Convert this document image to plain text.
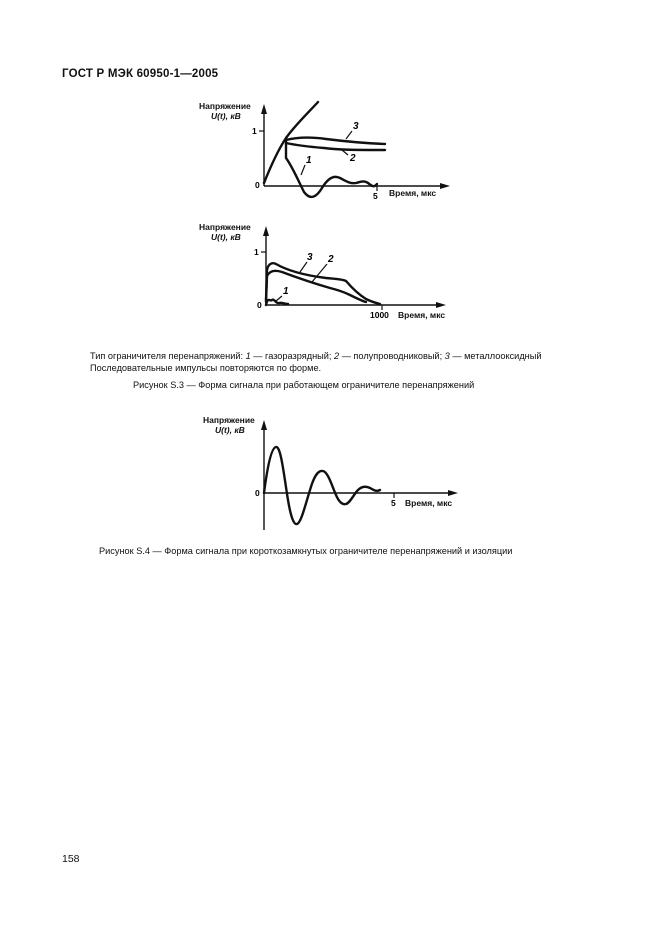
ГОСТ Р МЭК 60950-1—2005
Напряжение
U(t), кВ
Время, мкс
1
0
5
1	2
3
Напряжение
U(t), кВ
Время, мкс
1
0
1000
1
2
3
Тип ограничителя перенапряжений: 1 — газоразрядный; 2 — полупроводниковый; 3 — металлооксидный
Последовательные импульсы повторяются по форме.
Рисунок S.3 — Форма сигнала при работающем ограничителе перенапряжений
Напряжение
U(t), кВ
Время, мкс
0
5
Рисунок S.4 — Форма сигнала при короткозамкнутых ограничителе перенапряжений и изоляции
158
